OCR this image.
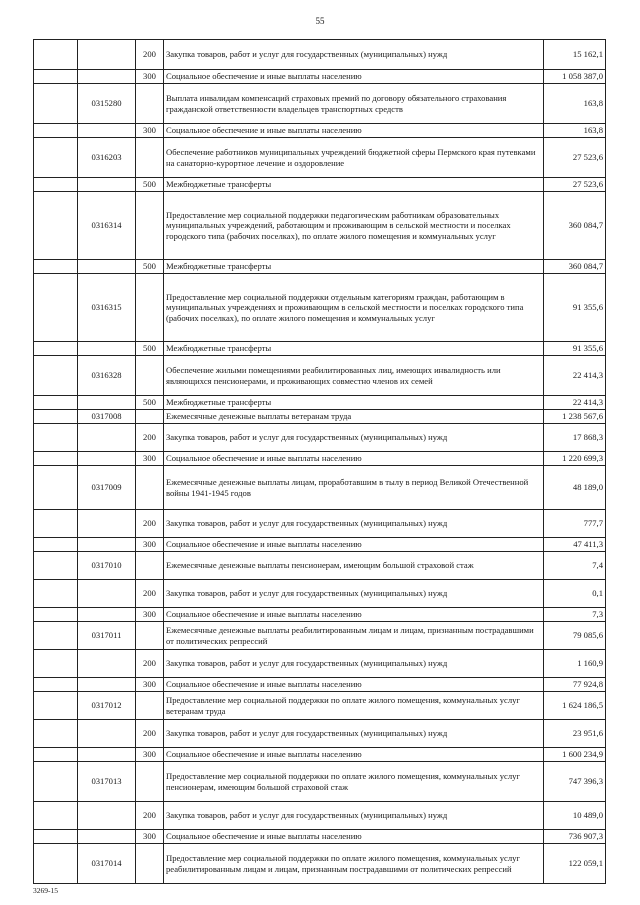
55
		200	Закупка товаров, работ и услуг для государственных (муниципальных) нужд	15 162,1
		300	Социальное обеспечение и иные выплаты населению	1 058 387,0
	0315280		Выплата инвалидам компенсаций страховых премий по договору обязательного страхования гражданской ответственности владельцев транспортных средств	163,8
		300	Социальное обеспечение и иные выплаты населению	163,8
	0316203		Обеспечение работников муниципальных учреждений бюджетной сферы Пермского края путевками на санаторно-курортное лечение и оздоровление	27 523,6
		500	Межбюджетные трансферты	27 523,6
	0316314		Предоставление мер социальной поддержки педагогическим работникам образовательных муниципальных учреждений, работающим и проживающим в сельской местности и поселках городского типа (рабочих поселках), по оплате жилого помещения и коммунальных услуг	360 084,7
		500	Межбюджетные трансферты	360 084,7
	0316315		Предоставление мер социальной поддержки отдельным категориям граждан, работающим в муниципальных учреждениях и проживающим в сельской местности и поселках городского типа (рабочих поселках), по оплате жилого помещения и коммунальных услуг	91 355,6
		500	Межбюджетные трансферты	91 355,6
	0316328		Обеспечение жилыми помещениями реабилитированных лиц, имеющих инвалидность или являющихся пенсионерами, и проживающих совместно членов их семей	22 414,3
		500	Межбюджетные трансферты	22 414,3
	0317008		Ежемесячные денежные выплаты ветеранам труда	1 238 567,6
		200	Закупка товаров, работ и услуг для государственных (муниципальных) нужд	17 868,3
		300	Социальное обеспечение и иные выплаты населению	1 220 699,3
	0317009		Ежемесячные денежные выплаты лицам, проработавшим в тылу в период Великой Отечественной войны 1941-1945 годов	48 189,0
		200	Закупка товаров, работ и услуг для государственных (муниципальных) нужд	777,7
		300	Социальное обеспечение и иные выплаты населению	47 411,3
	0317010		Ежемесячные денежные выплаты пенсионерам, имеющим большой страховой стаж	7,4
		200	Закупка товаров, работ и услуг для государственных (муниципальных) нужд	0,1
		300	Социальное обеспечение и иные выплаты населению	7,3
	0317011		Ежемесячные денежные выплаты реабилитированным лицам и лицам, признанным пострадавшими от политических репрессий	79 085,6
		200	Закупка товаров, работ и услуг для государственных (муниципальных) нужд	1 160,9
		300	Социальное обеспечение и иные выплаты населению	77 924,8
	0317012		Предоставление мер социальной поддержки по оплате жилого помещения, коммунальных услуг ветеранам труда	1 624 186,5
		200	Закупка товаров, работ и услуг для государственных (муниципальных) нужд	23 951,6
		300	Социальное обеспечение и иные выплаты населению	1 600 234,9
	0317013		Предоставление мер социальной поддержки по оплате жилого помещения, коммунальных услуг пенсионерам, имеющим большой страховой стаж	747 396,3
		200	Закупка товаров, работ и услуг для государственных (муниципальных) нужд	10 489,0
		300	Социальное обеспечение и иные выплаты населению	736 907,3
	0317014		Предоставление мер социальной поддержки по оплате жилого помещения, коммунальных услуг реабилитированным лицам и лицам, признанным пострадавшими от политических репрессий	122 059,1
3269-15
